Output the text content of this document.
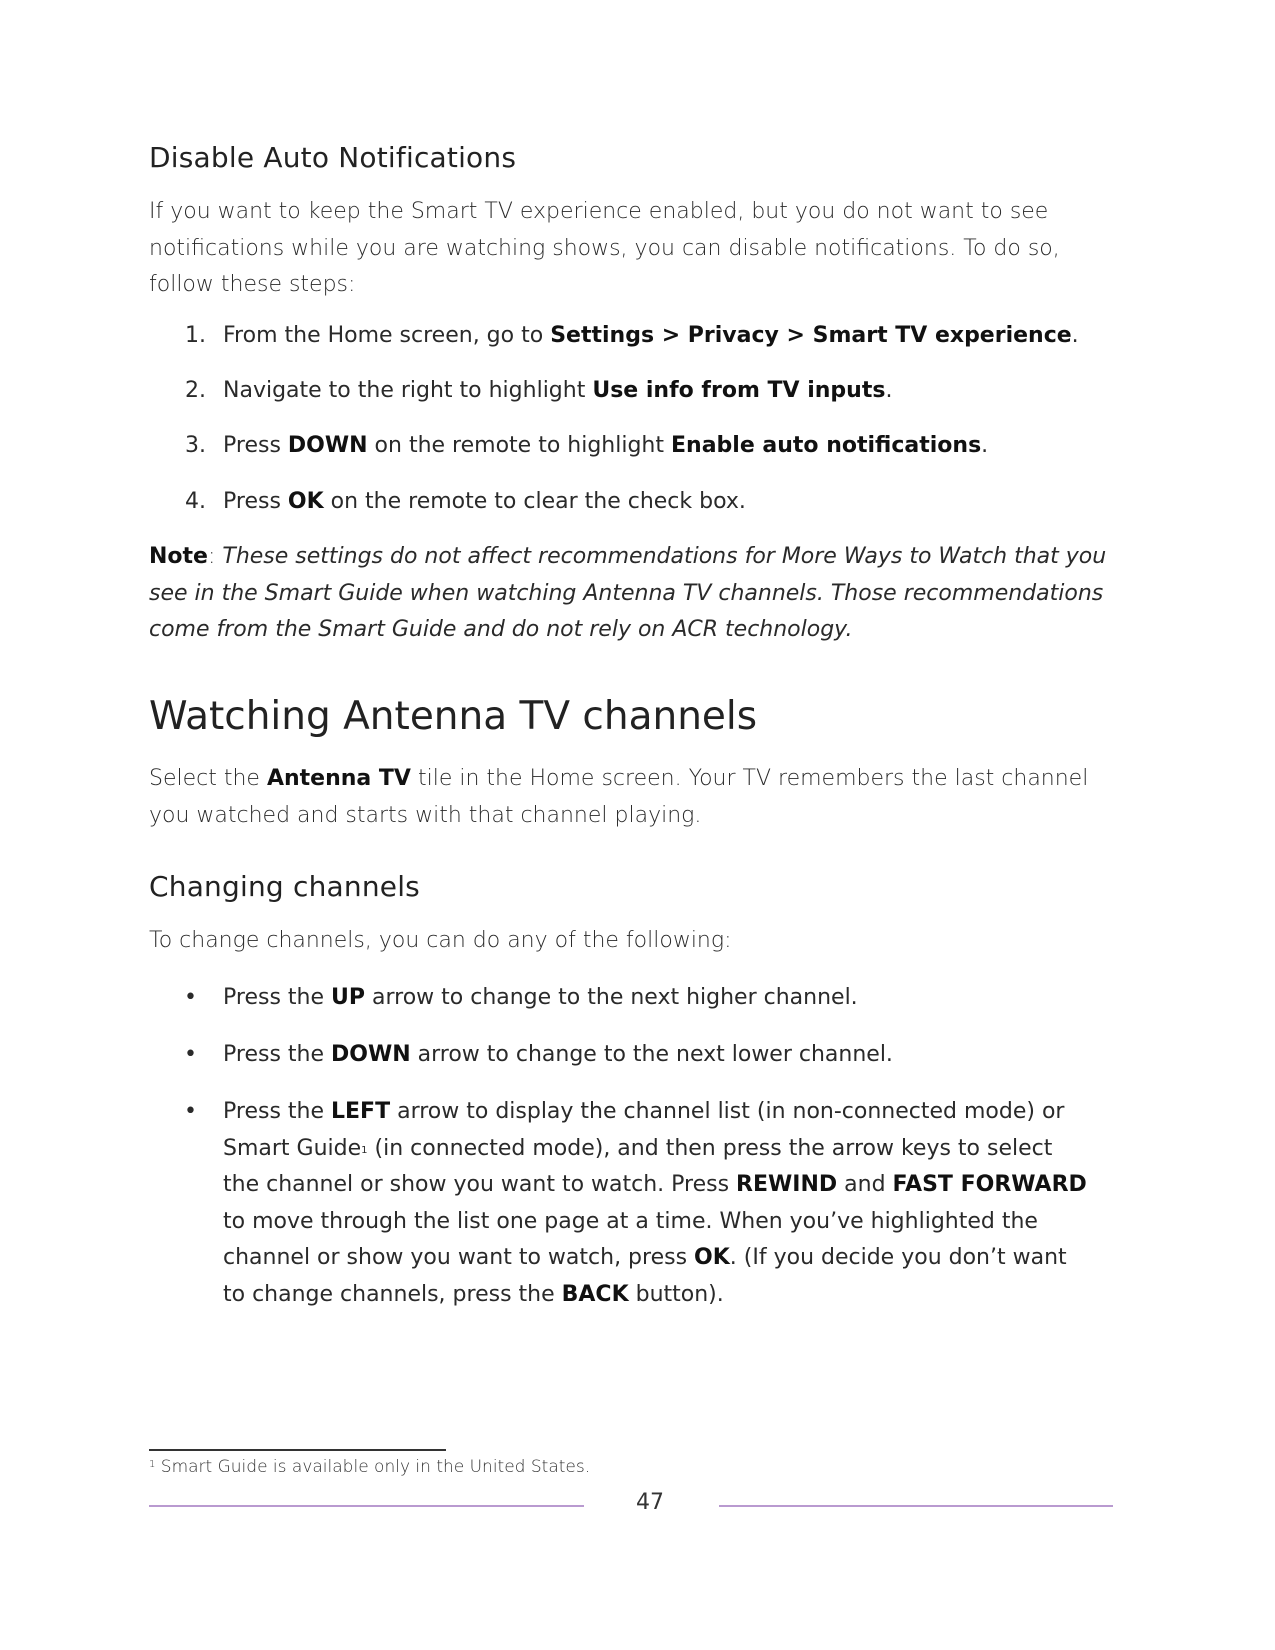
Disable Auto Notifications

If you want to keep the Smart TV experience enabled, but you do not want to see notifications while you are watching shows, you can disable notifications. To do so, follow these steps:

1. From the Home screen, go to Settings > Privacy > Smart TV experience.
2. Navigate to the right to highlight Use info from TV inputs.
3. Press DOWN on the remote to highlight Enable auto notifications.
4. Press OK on the remote to clear the check box.

Note: These settings do not affect recommendations for More Ways to Watch that you see in the Smart Guide when watching Antenna TV channels. Those recommendations come from the Smart Guide and do not rely on ACR technology.

Watching Antenna TV channels

Select the Antenna TV tile in the Home screen. Your TV remembers the last channel you watched and starts with that channel playing.

Changing channels

To change channels, you can do any of the following:

• Press the UP arrow to change to the next higher channel.
• Press the DOWN arrow to change to the next lower channel.
• Press the LEFT arrow to display the channel list (in non-connected mode) or Smart Guide$^1$ (in connected mode), and then press the arrow keys to select the channel or show you want to watch. Press REWIND and FAST FORWARD to move through the list one page at a time. When you’ve highlighted the channel or show you want to watch, press OK. (If you decide you don’t want to change channels, press the BACK button).
$^1$ Smart Guide is available only in the United States.
47
